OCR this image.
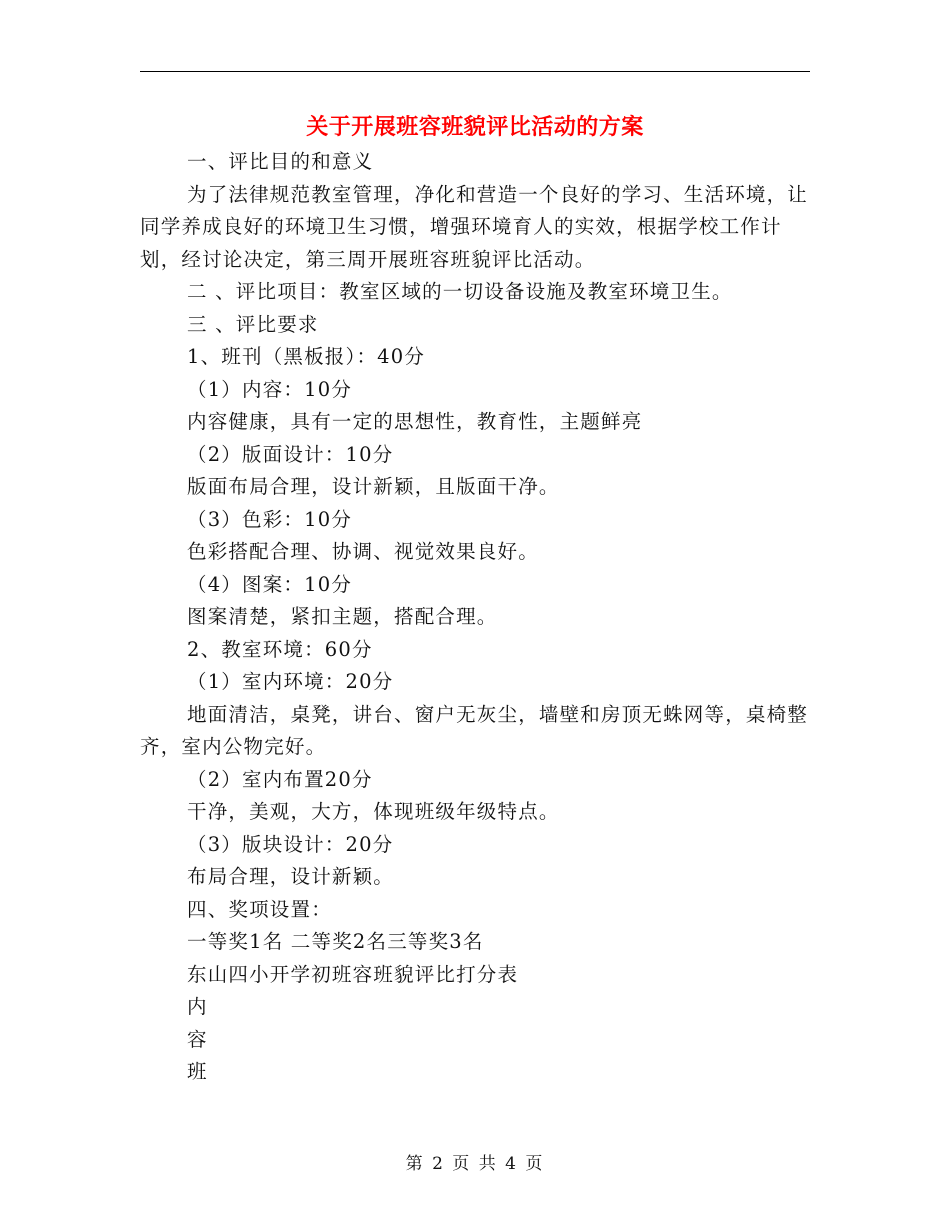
关于开展班容班貌评比活动的方案

一、评比目的和意义

为了法律规范教室管理，净化和营造一个良好的学习、生活环境，让同学养成良好的环境卫生习惯，增强环境育人的实效，根据学校工作计划，经讨论决定，第三周开展班容班貌评比活动。

二 、评比项目：教室区域的一切设备设施及教室环境卫生。

三 、评比要求

1、班刊（黑板报）：40分

（1）内容：10分

内容健康，具有一定的思想性，教育性，主题鲜亮

（2）版面设计：10分

版面布局合理，设计新颖，且版面干净。

（3）色彩：10分

色彩搭配合理、协调、视觉效果良好。

（4）图案：10分

图案清楚，紧扣主题，搭配合理。

2、教室环境：60分

（1）室内环境：20分

地面清洁，桌凳，讲台、窗户无灰尘，墙壁和房顶无蛛网等，桌椅整齐，室内公物完好。

（2）室内布置20分

干净，美观，大方，体现班级年级特点。

（3）版块设计：20分

布局合理，设计新颖。

四、奖项设置：

一等奖1名 二等奖2名三等奖3名

东山四小开学初班容班貌评比打分表

内

容

班

第 2 页 共 4 页
